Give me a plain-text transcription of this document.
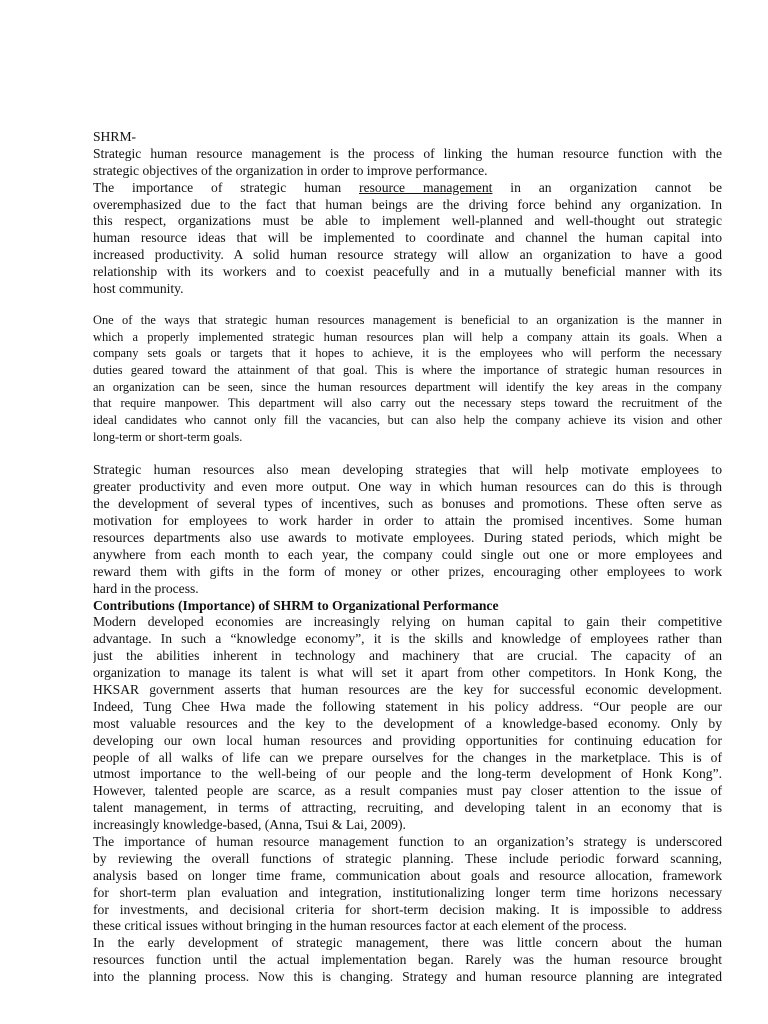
SHRM-

Strategic human resource management is the process of linking the human resource function with the

strategic objectives of the organization in order to improve performance.

The importance of strategic human resource management in an organization cannot be

overemphasized due to the fact that human beings are the driving force behind any organization. In

this respect, organizations must be able to implement well-planned and well-thought out strategic

human resource ideas that will be implemented to coordinate and channel the human capital into

increased productivity. A solid human resource strategy will allow an organization to have a good

relationship with its workers and to coexist peacefully and in a mutually beneficial manner with its

host community.

One of the ways that strategic human resources management is beneficial to an organization is the manner in

which a properly implemented strategic human resources plan will help a company attain its goals. When a

company sets goals or targets that it hopes to achieve, it is the employees who will perform the necessary

duties geared toward the attainment of that goal. This is where the importance of strategic human resources in

an organization can be seen, since the human resources department will identify the key areas in the company

that require manpower. This department will also carry out the necessary steps toward the recruitment of the

ideal candidates who cannot only fill the vacancies, but can also help the company achieve its vision and other

long-term or short-term goals.

Strategic human resources also mean developing strategies that will help motivate employees to

greater productivity and even more output. One way in which human resources can do this is through

the development of several types of incentives, such as bonuses and promotions. These often serve as

motivation for employees to work harder in order to attain the promised incentives. Some human

resources departments also use awards to motivate employees. During stated periods, which might be

anywhere from each month to each year, the company could single out one or more employees and

reward them with gifts in the form of money or other prizes, encouraging other employees to work

hard in the process.

Contributions (Importance) of SHRM to Organizational Performance

Modern developed economies are increasingly relying on human capital to gain their competitive

advantage. In such a “knowledge economy”, it is the skills and knowledge of employees rather than

just the abilities inherent in technology and machinery that are crucial. The capacity of an

organization to manage its talent is what will set it apart from other competitors. In Honk Kong, the

HKSAR government asserts that human resources are the key for successful economic development.

Indeed, Tung Chee Hwa made the following statement in his policy address. “Our people are our

most valuable resources and the key to the development of a knowledge-based economy. Only by

developing our own local human resources and providing opportunities for continuing education for

people of all walks of life can we prepare ourselves for the changes in the marketplace. This is of

utmost importance to the well-being of our people and the long-term development of Honk Kong”.

However, talented people are scarce, as a result companies must pay closer attention to the issue of

talent management, in terms of attracting, recruiting, and developing talent in an economy that is

increasingly knowledge-based, (Anna, Tsui & Lai, 2009).

The importance of human resource management function to an organization’s strategy is underscored

by reviewing the overall functions of strategic planning. These include periodic forward scanning,

analysis based on longer time frame, communication about goals and resource allocation, framework

for short-term plan evaluation and integration, institutionalizing longer term time horizons necessary

for investments, and decisional criteria for short-term decision making. It is impossible to address

these critical issues without bringing in the human resources factor at each element of the process.

In the early development of strategic management, there was little concern about the human

resources function until the actual implementation began. Rarely was the human resource brought

into the planning process. Now this is changing. Strategy and human resource planning are integrated
